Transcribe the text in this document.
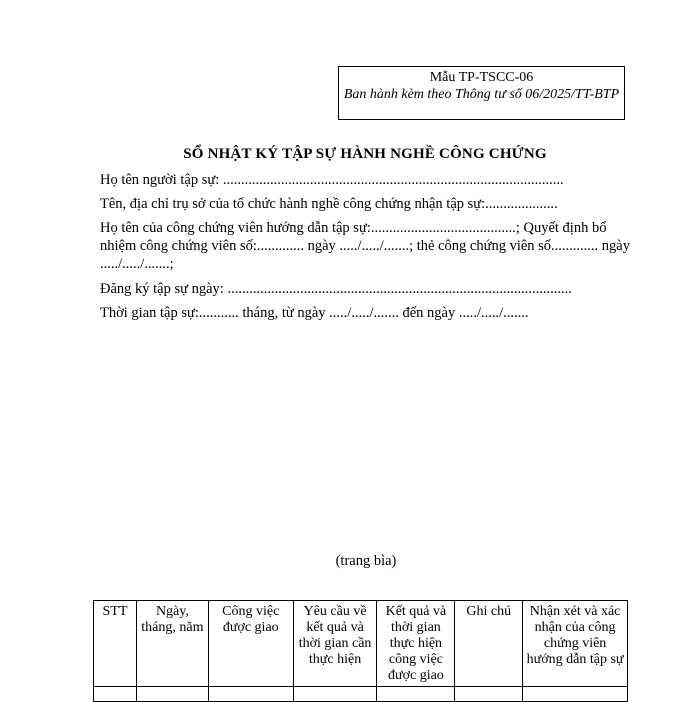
Mẫu TP-TSCC-06
Ban hành kèm theo Thông tư số 06/2025/TT-BTP
SỔ NHẬT KÝ TẬP SỰ HÀNH NGHỀ CÔNG CHỨNG

Họ tên người tập sự: ..............................................................................................

Tên, địa chỉ trụ sở của tổ chức hành nghề công chứng nhận tập sự:....................

Họ tên của công chứng viên hướng dẫn tập sự:........................................; Quyết định bổ nhiệm công chứng viên số:............. ngày ...../...../.......; thẻ công chứng viên số............. ngày ...../...../.......;

Đăng ký tập sự ngày: ...............................................................................................

Thời gian tập sự:........... tháng, từ ngày ...../...../....... đến ngày ...../...../.......

(trang bìa)
STT	Ngày, tháng, năm	Công việc được giao	Yêu cầu về kết quả và thời gian cần thực hiện	Kết quả và thời gian thực hiện công việc được giao	Ghi chú	Nhận xét và xác nhận của công chứng viên hướng dẫn tập sự
